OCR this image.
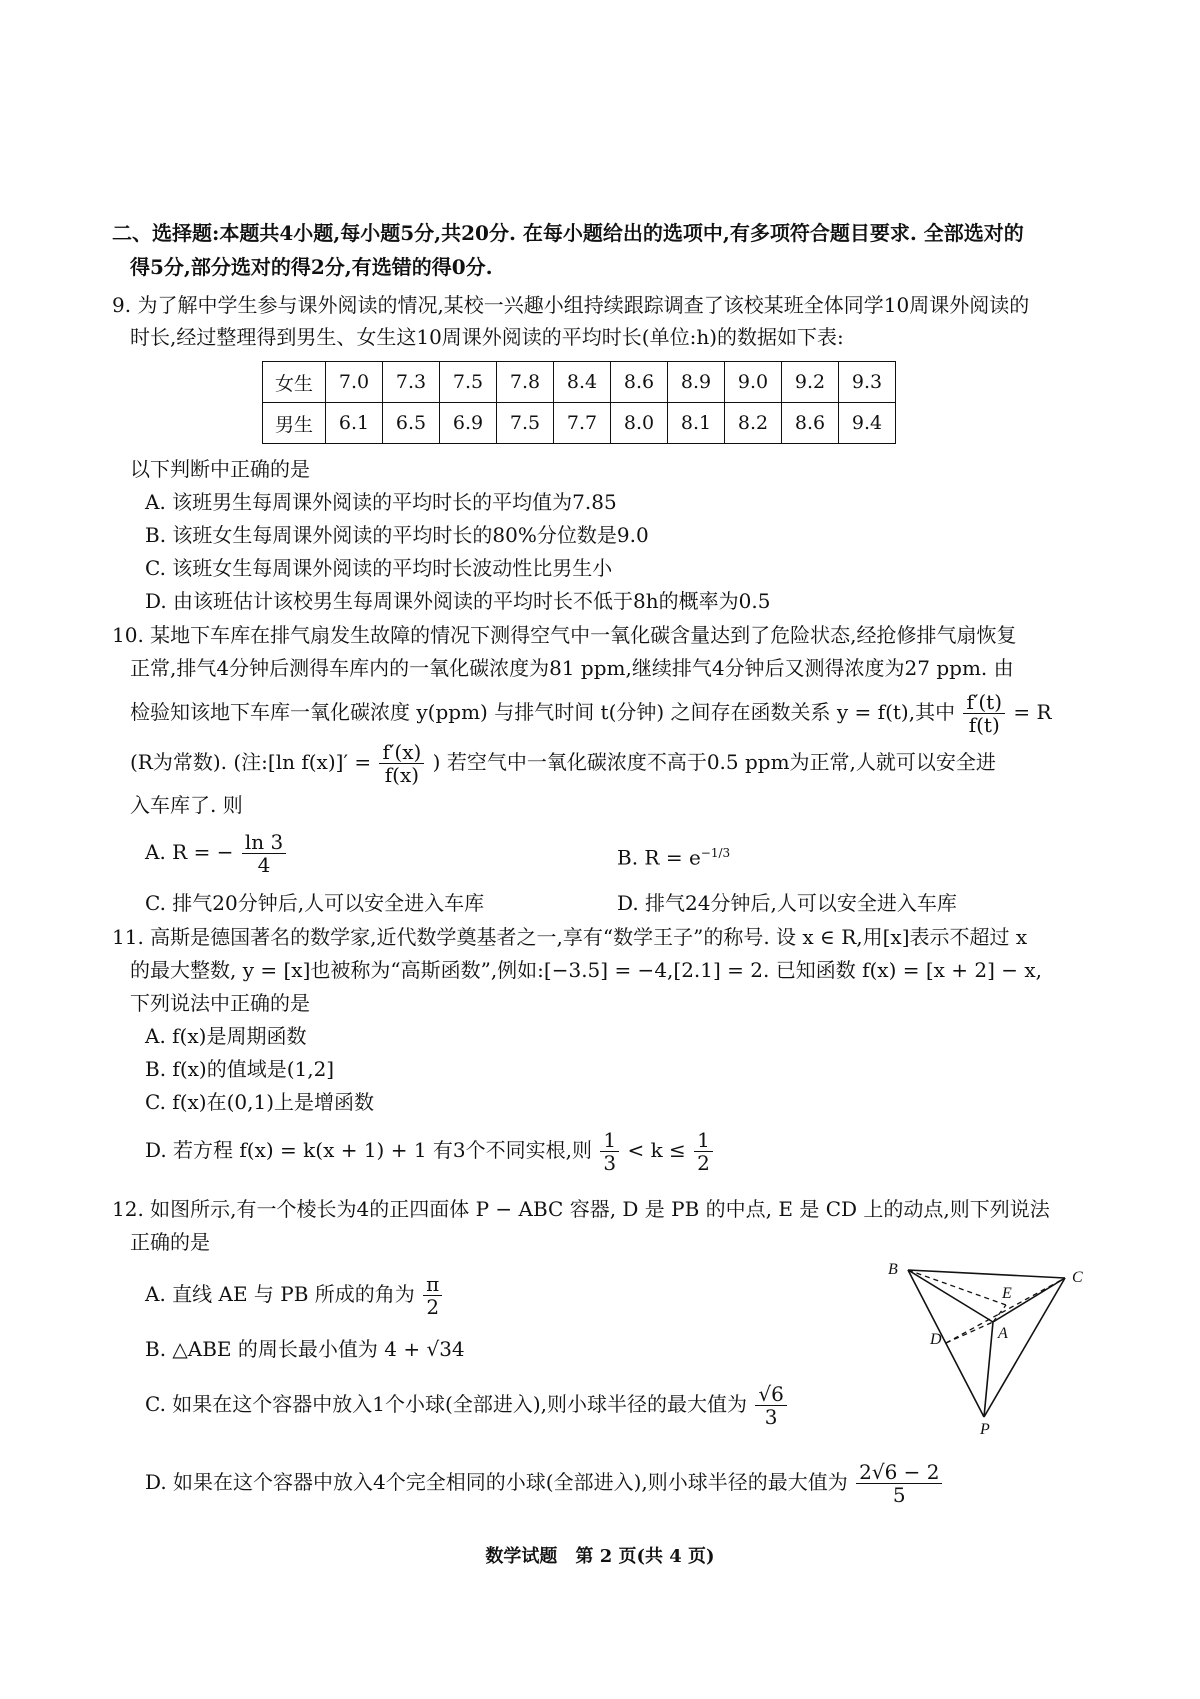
二、选择题:本题共4小题,每小题5分,共20分. 在每小题给出的选项中,有多项符合题目要求. 全部选对的
得5分,部分选对的得2分,有选错的得0分.
9. 为了解中学生参与课外阅读的情况,某校一兴趣小组持续跟踪调查了该校某班全体同学10周课外阅读的
时长,经过整理得到男生、女生这10周课外阅读的平均时长(单位:h)的数据如下表:
女生	7.0	7.3	7.5	7.8	8.4	8.6	8.9	9.0	9.2	9.3
男生	6.1	6.5	6.9	7.5	7.7	8.0	8.1	8.2	8.6	9.4
以下判断中正确的是
A. 该班男生每周课外阅读的平均时长的平均值为7.85
B. 该班女生每周课外阅读的平均时长的80%分位数是9.0
C. 该班女生每周课外阅读的平均时长波动性比男生小
D. 由该班估计该校男生每周课外阅读的平均时长不低于8h的概率为0.5
10. 某地下车库在排气扇发生故障的情况下测得空气中一氧化碳含量达到了危险状态,经抢修排气扇恢复
正常,排气4分钟后测得车库内的一氧化碳浓度为81 ppm,继续排气4分钟后又测得浓度为27 ppm. 由
检验知该地下车库一氧化碳浓度 y(ppm) 与排气时间 t(分钟) 之间存在函数关系 y = f(t),其中 $\frac{f'(t)}{f(t)} = R$
(R为常数). (注:[ln $f(x)]' = \frac{f'(x)}{f(x)}$ ) 若空气中一氧化碳浓度不高于0.5 ppm为正常,人就可以安全进
入车库了. 则
A. R = − $\frac{\ln 3}{4}$	B. $R = e^{-1/3}$
C. 排气20分钟后,人可以安全进入车库	D. 排气24分钟后,人可以安全进入车库
11. 高斯是德国著名的数学家,近代数学奠基者之一,享有“数学王子”的称号. 设 x ∈ R,用[x]表示不超过 x
的最大整数, y = [x]也被称为“高斯函数”,例如:[−3.5] = −4,[2.1] = 2. 已知函数 f(x) = [x + 2] − x,
下列说法中正确的是
A. f(x)是周期函数
B. f(x)的值域是(1,2]
C. f(x)在(0,1)上是增函数
D. 若方程 f(x) = k(x + 1) + 1 有3个不同实根,则 $\frac{1}{3} < k \le \frac{1}{2}$
12. 如图所示,有一个棱长为4的正四面体 P − ABC 容器, D 是 PB 的中点, E 是 CD 上的动点,则下列说法
正确的是
A. 直线 AE 与 PB 所成的角为 $\frac{\pi}{2}$
B. △ABE 的周长最小值为 4 + √34
C. 如果在这个容器中放入1个小球(全部进入),则小球半径的最大值为 $\frac{√6}{3}$
D. 如果在这个容器中放入4个完全相同的小球(全部进入),则小球半径的最大值为 $\frac{2√6 - 2}{5}$
B	C
E
D	A
P
数学试题　第 2 页(共 4 页)
